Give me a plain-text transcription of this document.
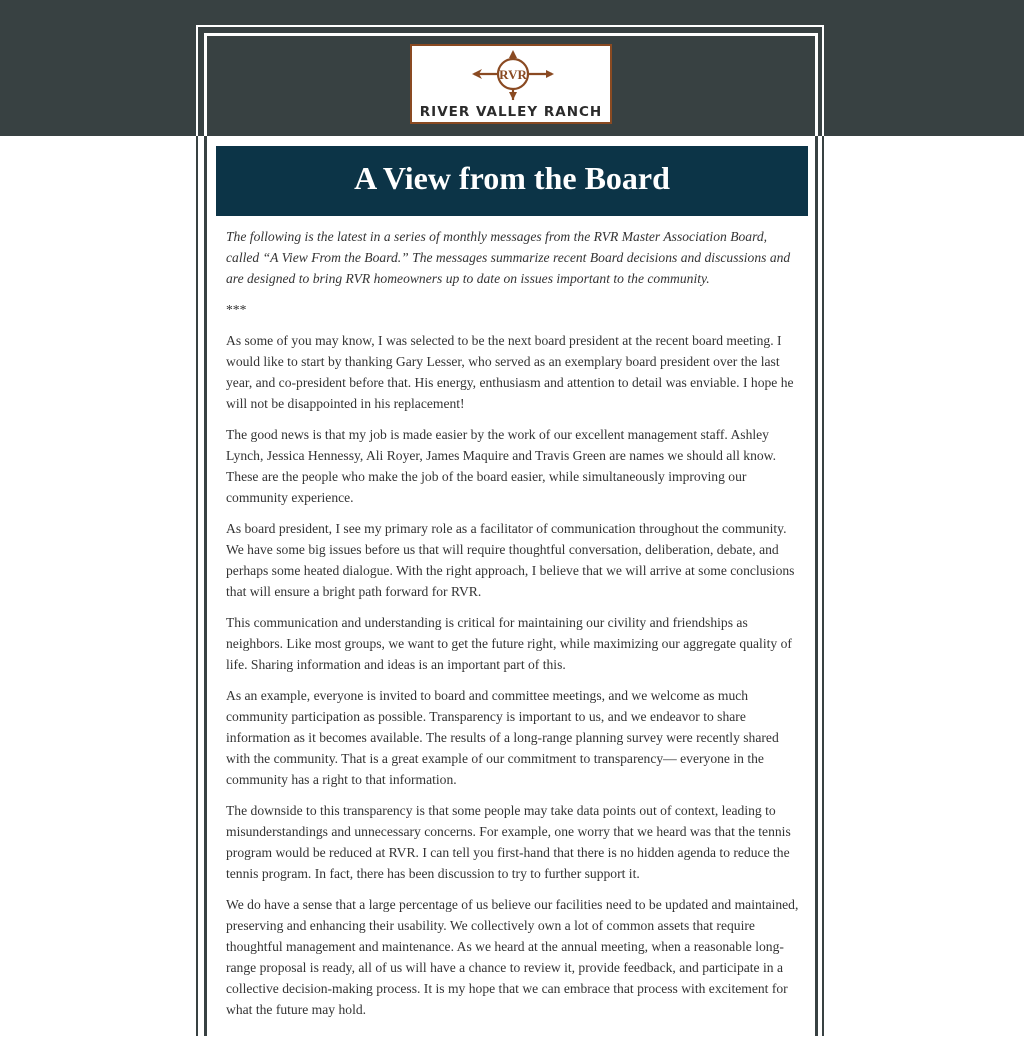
RVR
RIVER VALLEY RANCH
A View from the Board

The following is the latest in a series of monthly messages from the RVR Master Association Board, called “A View From the Board.” The messages summarize recent Board decisions and discussions and are designed to bring RVR homeowners up to date on issues important to the community.

***

As some of you may know, I was selected to be the next board president at the recent board meeting. I would like to start by thanking Gary Lesser, who served as an exemplary board president over the last year, and co-president before that. His energy, enthusiasm and attention to detail was enviable. I hope he will not be disappointed in his replacement!

The good news is that my job is made easier by the work of our excellent management staff. Ashley Lynch, Jessica Hennessy, Ali Royer, James Maquire and Travis Green are names we should all know. These are the people who make the job of the board easier, while simultaneously improving our community experience.

As board president, I see my primary role as a facilitator of communication throughout the community. We have some big issues before us that will require thoughtful conversation, deliberation, debate, and perhaps some heated dialogue. With the right approach, I believe that we will arrive at some conclusions that will ensure a bright path forward for RVR.

This communication and understanding is critical for maintaining our civility and friendships as neighbors. Like most groups, we want to get the future right, while maximizing our aggregate quality of life. Sharing information and ideas is an important part of this.

As an example, everyone is invited to board and committee meetings, and we welcome as much community participation as possible. Transparency is important to us, and we endeavor to share information as it becomes available. The results of a long-range planning survey were recently shared with the community. That is a great example of our commitment to transparency— everyone in the community has a right to that information.

The downside to this transparency is that some people may take data points out of context, leading to misunderstandings and unnecessary concerns. For example, one worry that we heard was that the tennis program would be reduced at RVR. I can tell you first-hand that there is no hidden agenda to reduce the tennis program. In fact, there has been discussion to try to further support it.

We do have a sense that a large percentage of us believe our facilities need to be updated and maintained, preserving and enhancing their usability. We collectively own a lot of common assets that require thoughtful management and maintenance. As we heard at the annual meeting, when a reasonable long-range proposal is ready, all of us will have a chance to review it, provide feedback, and participate in a collective decision-making process. It is my hope that we can embrace that process with excitement for what the future may hold.
